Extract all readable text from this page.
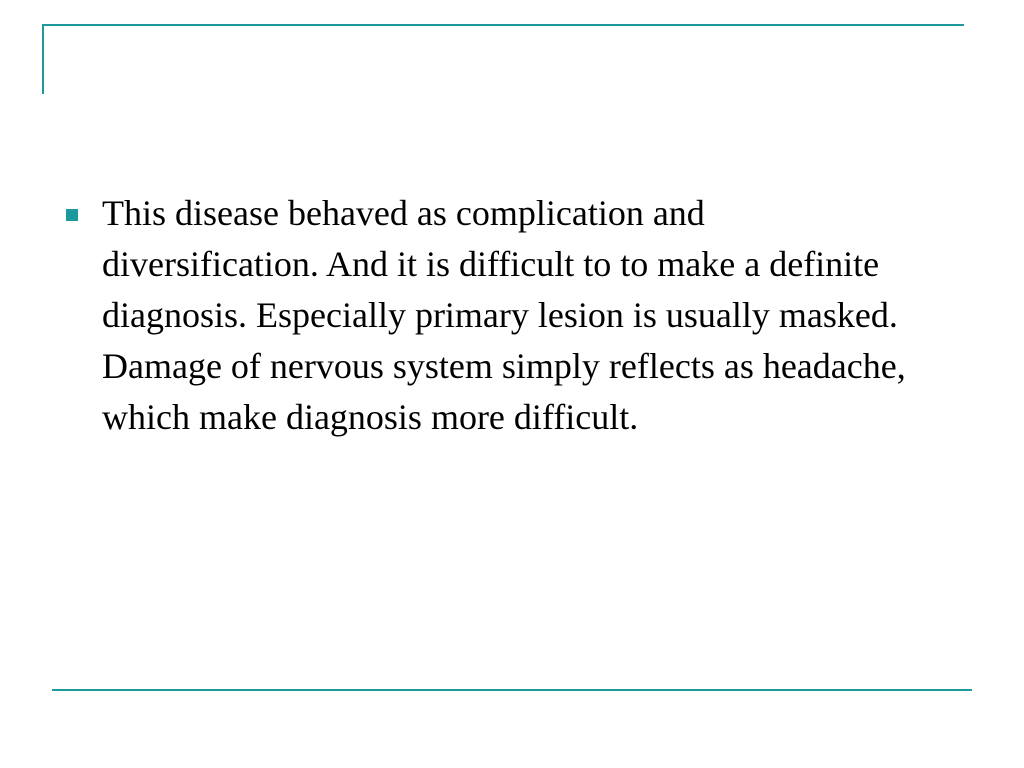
This disease behaved as complication and diversification. And it is difficult to to make a definite diagnosis. Especially primary lesion is usually masked. Damage of nervous system simply reflects as headache, which make diagnosis more difficult.
